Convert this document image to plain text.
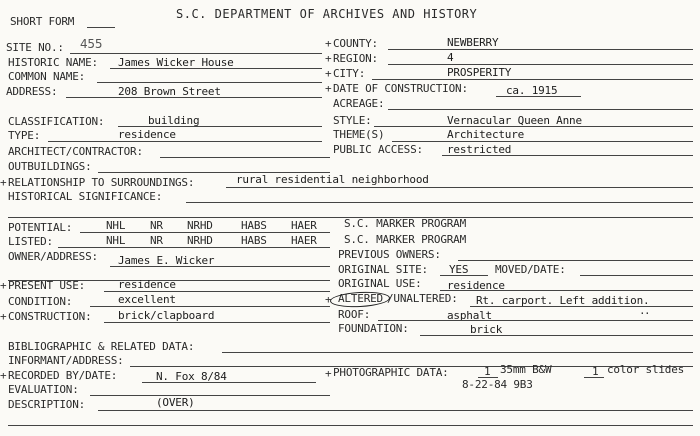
SHORT FORM
S.C. DEPARTMENT OF ARCHIVES AND HISTORY
SITE NO.: 455
HISTORIC NAME: James Wicker House
COMMON NAME:
ADDRESS:	208 Brown Street
CLASSIFICATION:	building
TYPE:	residence
ARCHITECT/CONTRACTOR:
OUTBUILDINGS:
+ COUNTY:	NEWBERRY
+ REGION:	4
+ CITY:	PROSPERITY
+ DATE OF CONSTRUCTION:	ca. 1915
ACREAGE:
STYLE:	Vernacular Queen Anne
THEME(S)	Architecture
PUBLIC ACCESS: restricted
+ RELATIONSHIP TO SURROUNDINGS:	rural residential neighborhood
HISTORICAL SIGNIFICANCE:
POTENTIAL:	NHL NR NRHD	HABS HAER S.C. MARKER PROGRAM
LISTED:	NHL NR NRHD	HABS HAER S.C. MARKER PROGRAM
OWNER/ADDRESS: James E. Wicker	PREVIOUS OWNERS:
ORIGINAL SITE: YES MOVED/DATE:
ORIGINAL USE: residence
+ ALTERED /UNALTERED: Rt. carport. Left addition.
ROOF:	asphalt	·
·
FOUNDATION:	brick
+ PRESENT USE:	residence
CONDITION:	excellent
+ CONSTRUCTION: brick/clapboard
BIBLIOGRAPHIC & RELATED DATA:
INFORMANT/ADDRESS:
+ RECORDED BY/DATE:	N. Fox 8/84	+ PHOTOGRAPHIC DATA:	1 35mm B&W	1 color slides
8-22-84 9B3
EVALUATION:
DESCRIPTION:	(OVER)
